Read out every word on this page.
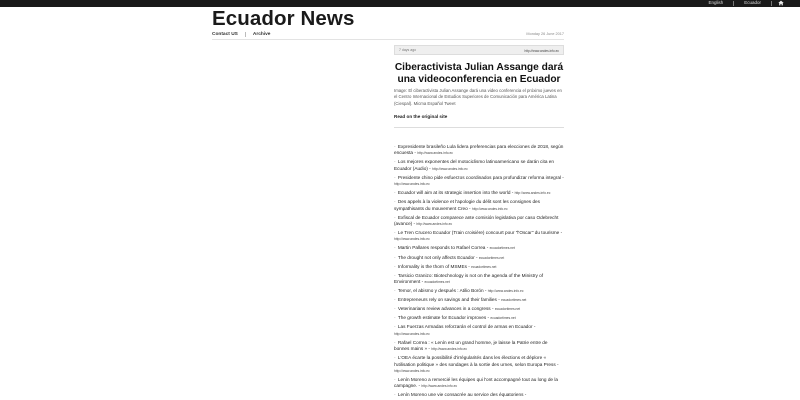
English	Ecuador
Ecuador News
Contact US	Archive	Monday 26 June 2017
7 days ago	http://www.andes.info.ec
Ciberactivista Julian Assange dará una videoconferencia en Ecuador
Image: El ciberactivista Julian Assange dará una video conferencia el próximo jueves en el Centro Internacional de Estudios Superiores de Comunicación para América Latina (Ciespal). Micma Español Tweet
Read on the original site
- Expresidente brasileño Lula lidera preferencias para elecciones de 2018, según encuesta - http://www.andes.info.ec
- Los mejores exponentes del motociclismo latinoamericano se darán cita en Ecuador (Audio) - http://www.andes.info.ec
- Presidente chino pide esfuerzos coordinados para profundizar reforma integral - http://www.andes.info.ec
- Ecuador will aim at its strategic insertion into the world - http://www.andes.info.ec
- Des appels à la violence et l'apologie du délit sont les consignes des sympathisants du mouvement Creo - http://www.andes.info.ec
- Exfiscal de Ecuador comparece ante comisión legislativa por caso Odebrecht (avance) - http://www.andes.info.ec
- Le Tren Crucero Ecuador (Train croisière) concourt pour "l'Oscar" du tourisme - http://www.andes.info.ec
- Martin Pallares responds to Rafael Correa - ecuadortimes.net
- The drought not only affects Ecuador - ecuadortimes.net
- Informality is the thorn of MSMEs - ecuadortimes.net
- Tarsicio Granizo: Biotechnology is not on the agenda of the Ministry of Environment - ecuadortimes.net
- Temor, el abismo y después : Atilio Borón - http://www.andes.info.ec
- Entrepreneurs rely on savings and their families - ecuadortimes.net
- Veterinarians review advances in a congress - ecuadortimes.net
- The growth estimate for Ecuador improves - ecuadortimes.net
- Las Fuerzas Armadas reforzarán el control de armas en Ecuador - http://www.andes.info.ec
- Rafael Correa : « Lenín est un grand homme, je laisse la Patrie entre de bonnes mains » - http://www.andes.info.ec
- L'OEA écarte la possibilité d'irrégularités dans les élections et déplore « l'utilisation politique » des sondages à la sortie des urnes, selon Europa Press - http://www.andes.info.ec
- Lenín Moreno a remercié les équipes qui l'ont accompagné tout au long de la campagne. - http://www.andes.info.ec
- Lenín Moreno une vie consacrée au service des équatoriens -
